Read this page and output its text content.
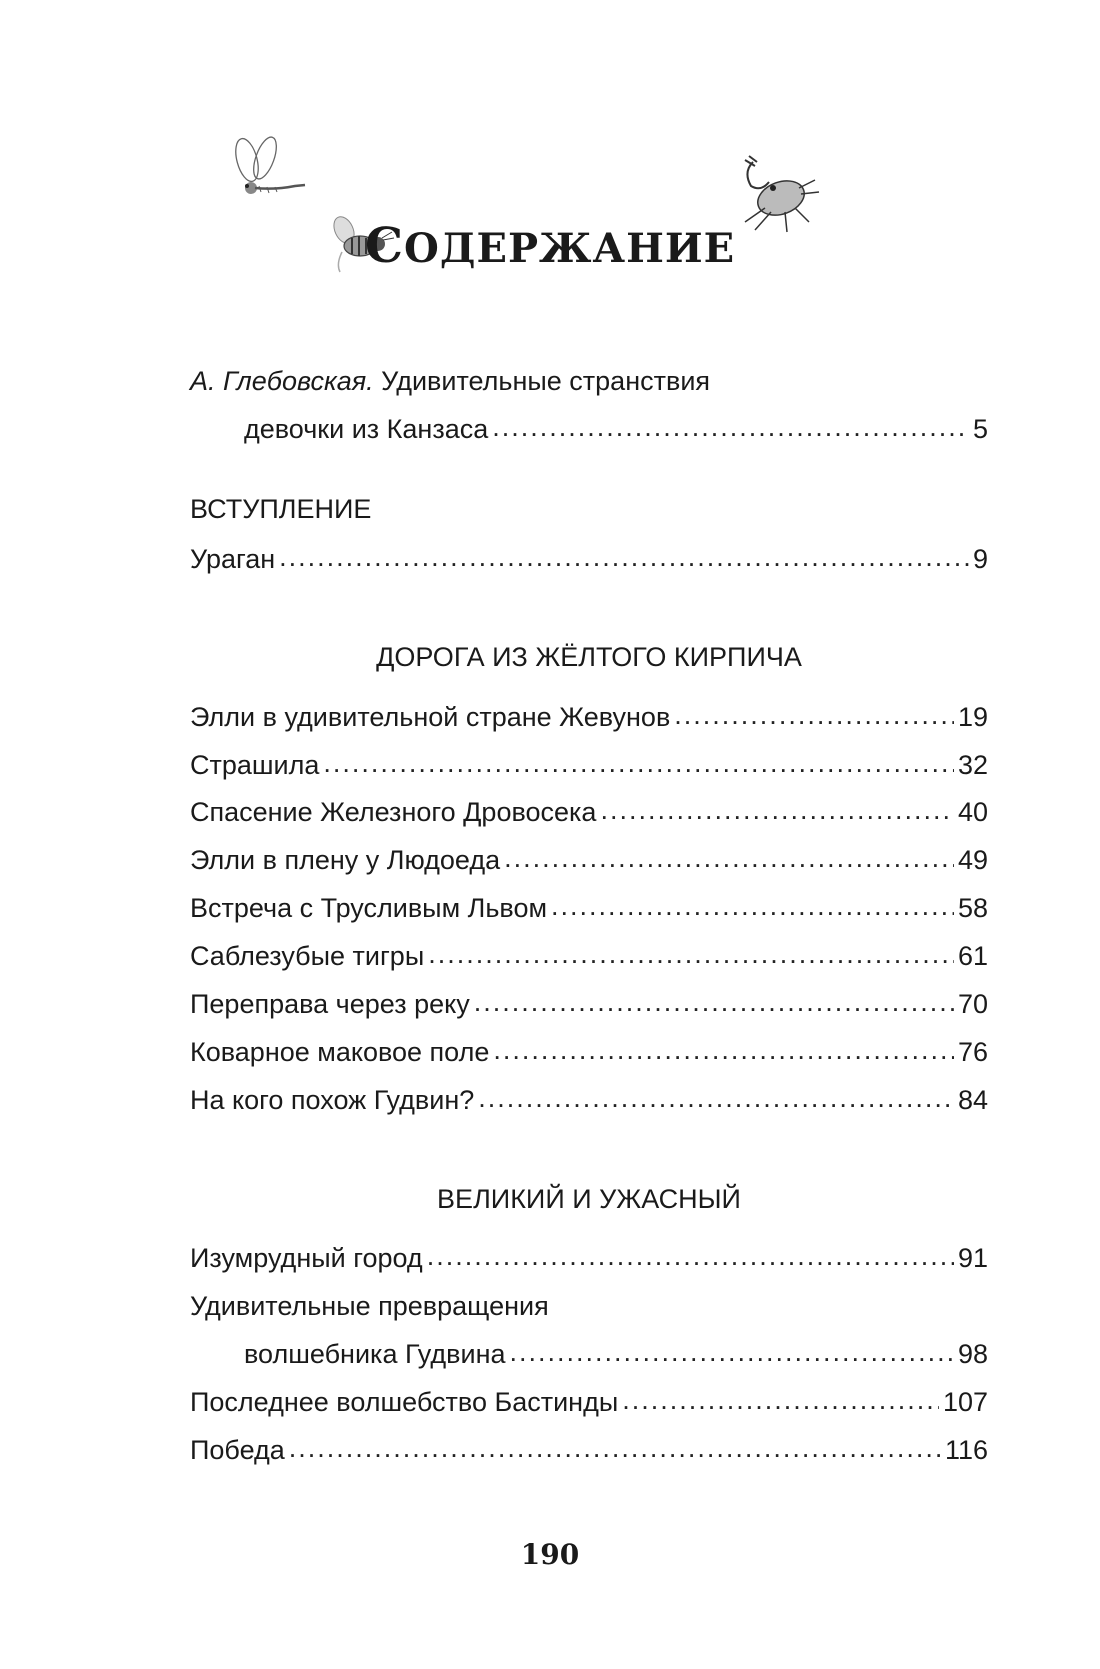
СОДЕРЖАНИЕ
А. Глебовская. Удивительные странствия
девочки из Канзаса .....	5
ВСТУПЛЕНИЕ
Ураган .....	9
ДОРОГА ИЗ ЖЁЛТОГО КИРПИЧА
Элли в удивительной стране Жевунов .....	19
Страшила .....	32
Спасение Железного Дровосека .....	40
Элли в плену у Людоеда .....	49
Встреча с Трусливым Львом .....	58
Саблезубые тигры .....	61
Переправа через реку .....	70
Коварное маковое поле .....	76
На кого похож Гудвин? .....	84
ВЕЛИКИЙ И УЖАСНЫЙ
Изумрудный город .....	91
Удивительные превращения
волшебника Гудвина .....	98
Последнее волшебство Бастинды .....	107
Победа .....	116
190
